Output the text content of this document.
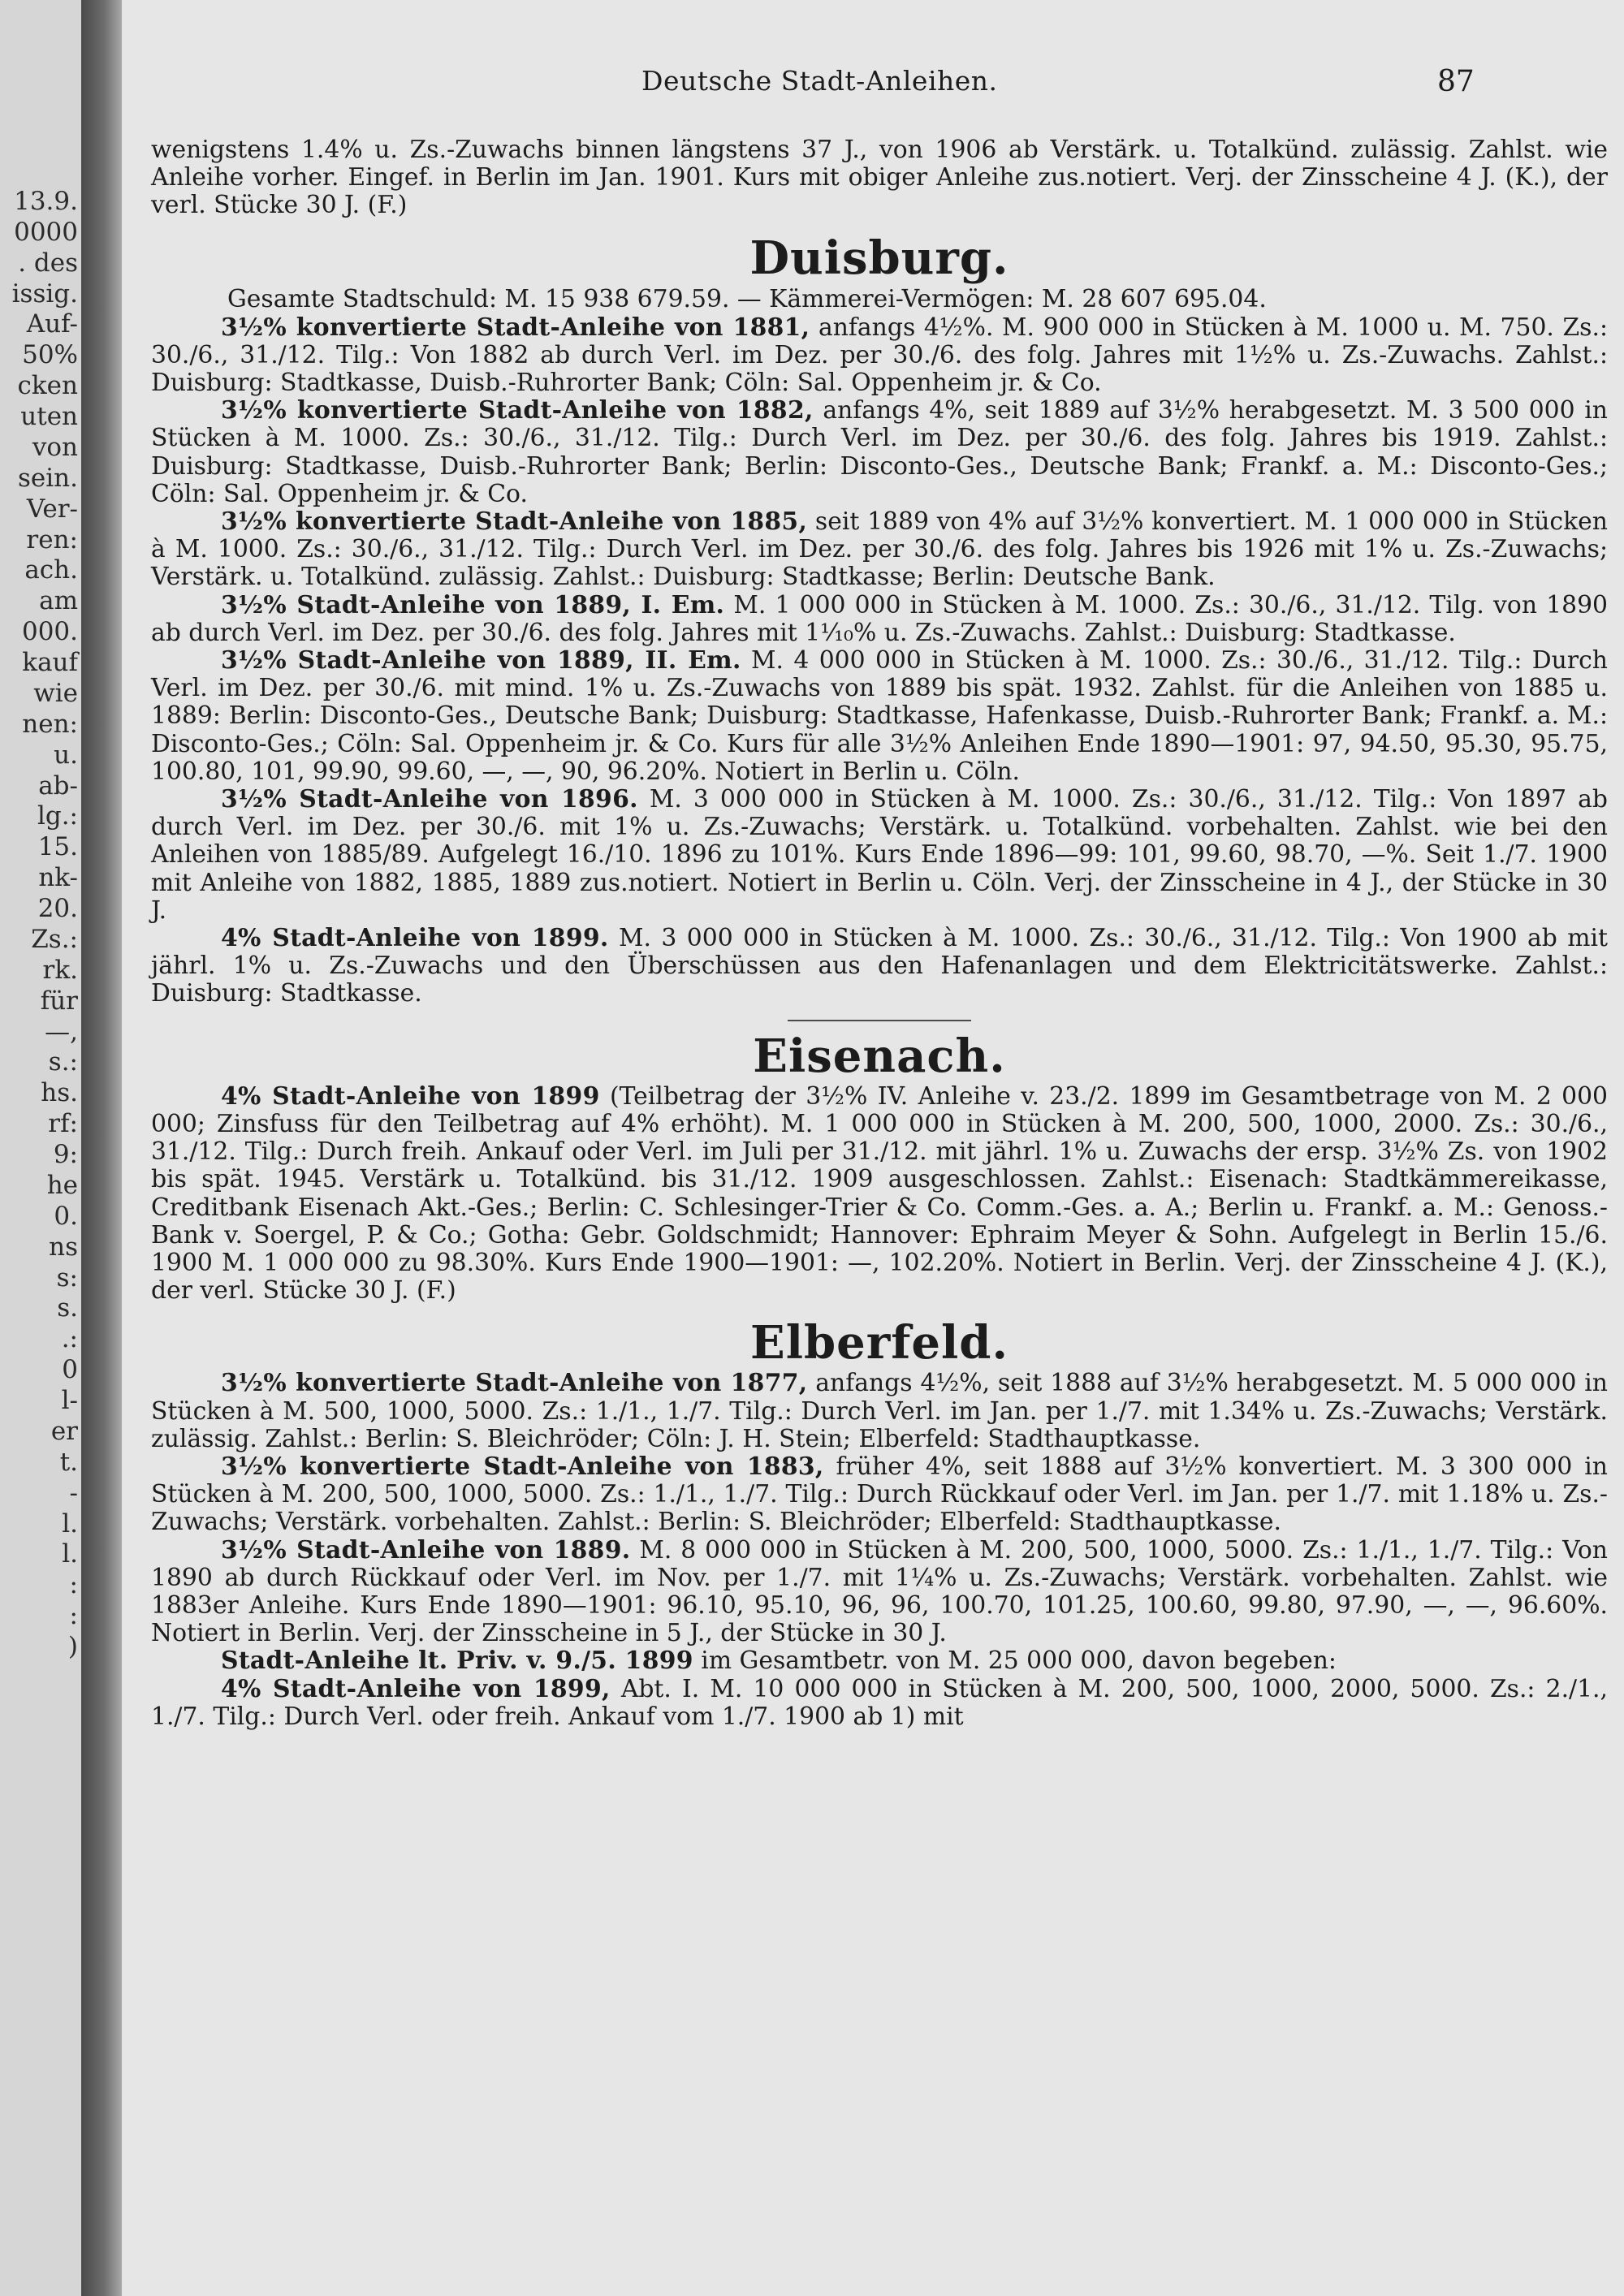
13.9.
0000
. des
issig.
Auf-
50%
cken
uten
von
sein.
Ver-
ren:
ach.
am
000.
kauf
wie
nen:
u.
ab-
lg.:
15.
nk-
20.
Zs.:
rk.
für
—,
s.:
hs.
rf:
9:
he
0.
ns
s:
s.
.:
0
l-
er
t.
-
l.
l.
:
:
)
Deutsche Stadt-Anleihen.	87

wenigstens 1.4% u. Zs.-Zuwachs binnen längstens 37 J., von 1906 ab Verstärk. u. Totalkünd. zulässig. Zahlst. wie Anleihe vorher. Eingef. in Berlin im Jan. 1901. Kurs mit obiger Anleihe zus.notiert. Verj. der Zinsscheine 4 J. (K.), der verl. Stücke 30 J. (F.)

Duisburg.

Gesamte Stadtschuld: M. 15 938 679.59. — Kämmerei-Vermögen: M. 28 607 695.04.

3½% konvertierte Stadt-Anleihe von 1881, anfangs 4½%. M. 900 000 in Stücken à M. 1000 u. M. 750. Zs.: 30./6., 31./12. Tilg.: Von 1882 ab durch Verl. im Dez. per 30./6. des folg. Jahres mit 1½% u. Zs.-Zuwachs. Zahlst.: Duisburg: Stadtkasse, Duisb.-Ruhrorter Bank; Cöln: Sal. Oppenheim jr. & Co.

3½% konvertierte Stadt-Anleihe von 1882, anfangs 4%, seit 1889 auf 3½% herabgesetzt. M. 3 500 000 in Stücken à M. 1000. Zs.: 30./6., 31./12. Tilg.: Durch Verl. im Dez. per 30./6. des folg. Jahres bis 1919. Zahlst.: Duisburg: Stadtkasse, Duisb.-Ruhrorter Bank; Berlin: Disconto-Ges., Deutsche Bank; Frankf. a. M.: Disconto-Ges.; Cöln: Sal. Oppenheim jr. & Co.

3½% konvertierte Stadt-Anleihe von 1885, seit 1889 von 4% auf 3½% konvertiert. M. 1 000 000 in Stücken à M. 1000. Zs.: 30./6., 31./12. Tilg.: Durch Verl. im Dez. per 30./6. des folg. Jahres bis 1926 mit 1% u. Zs.-Zuwachs; Verstärk. u. Totalkünd. zulässig. Zahlst.: Duisburg: Stadtkasse; Berlin: Deutsche Bank.

3½% Stadt-Anleihe von 1889, I. Em. M. 1 000 000 in Stücken à M. 1000. Zs.: 30./6., 31./12. Tilg. von 1890 ab durch Verl. im Dez. per 30./6. des folg. Jahres mit 1¹⁄₁₀% u. Zs.-Zuwachs. Zahlst.: Duisburg: Stadtkasse.

3½% Stadt-Anleihe von 1889, II. Em. M. 4 000 000 in Stücken à M. 1000. Zs.: 30./6., 31./12. Tilg.: Durch Verl. im Dez. per 30./6. mit mind. 1% u. Zs.-Zuwachs von 1889 bis spät. 1932. Zahlst. für die Anleihen von 1885 u. 1889: Berlin: Disconto-Ges., Deutsche Bank; Duisburg: Stadtkasse, Hafenkasse, Duisb.-Ruhrorter Bank; Frankf. a. M.: Disconto-Ges.; Cöln: Sal. Oppenheim jr. & Co. Kurs für alle 3½% Anleihen Ende 1890—1901: 97, 94.50, 95.30, 95.75, 100.80, 101, 99.90, 99.60, —, —, 90, 96.20%. Notiert in Berlin u. Cöln.

3½% Stadt-Anleihe von 1896. M. 3 000 000 in Stücken à M. 1000. Zs.: 30./6., 31./12. Tilg.: Von 1897 ab durch Verl. im Dez. per 30./6. mit 1% u. Zs.-Zuwachs; Verstärk. u. Totalkünd. vorbehalten. Zahlst. wie bei den Anleihen von 1885/89. Aufgelegt 16./10. 1896 zu 101%. Kurs Ende 1896—99: 101, 99.60, 98.70, —%. Seit 1./7. 1900 mit Anleihe von 1882, 1885, 1889 zus.notiert. Notiert in Berlin u. Cöln. Verj. der Zinsscheine in 4 J., der Stücke in 30 J.

4% Stadt-Anleihe von 1899. M. 3 000 000 in Stücken à M. 1000. Zs.: 30./6., 31./12. Tilg.: Von 1900 ab mit jährl. 1% u. Zs.-Zuwachs und den Überschüssen aus den Hafenanlagen und dem Elektricitätswerke. Zahlst.: Duisburg: Stadtkasse.

Eisenach.

4% Stadt-Anleihe von 1899 (Teilbetrag der 3½% IV. Anleihe v. 23./2. 1899 im Gesamtbetrage von M. 2 000 000; Zinsfuss für den Teilbetrag auf 4% erhöht). M. 1 000 000 in Stücken à M. 200, 500, 1000, 2000. Zs.: 30./6., 31./12. Tilg.: Durch freih. Ankauf oder Verl. im Juli per 31./12. mit jährl. 1% u. Zuwachs der ersp. 3½% Zs. von 1902 bis spät. 1945. Verstärk u. Totalkünd. bis 31./12. 1909 ausgeschlossen. Zahlst.: Eisenach: Stadtkämmereikasse, Creditbank Eisenach Akt.-Ges.; Berlin: C. Schlesinger-Trier & Co. Comm.-Ges. a. A.; Berlin u. Frankf. a. M.: Genoss.-Bank v. Soergel, P. & Co.; Gotha: Gebr. Goldschmidt; Hannover: Ephraim Meyer & Sohn. Aufgelegt in Berlin 15./6. 1900 M. 1 000 000 zu 98.30%. Kurs Ende 1900—1901: —, 102.20%. Notiert in Berlin. Verj. der Zinsscheine 4 J. (K.), der verl. Stücke 30 J. (F.)

Elberfeld.

3½% konvertierte Stadt-Anleihe von 1877, anfangs 4½%, seit 1888 auf 3½% herabgesetzt. M. 5 000 000 in Stücken à M. 500, 1000, 5000. Zs.: 1./1., 1./7. Tilg.: Durch Verl. im Jan. per 1./7. mit 1.34% u. Zs.-Zuwachs; Verstärk. zulässig. Zahlst.: Berlin: S. Bleichröder; Cöln: J. H. Stein; Elberfeld: Stadthauptkasse.

3½% konvertierte Stadt-Anleihe von 1883, früher 4%, seit 1888 auf 3½% konvertiert. M. 3 300 000 in Stücken à M. 200, 500, 1000, 5000. Zs.: 1./1., 1./7. Tilg.: Durch Rückkauf oder Verl. im Jan. per 1./7. mit 1.18% u. Zs.-Zuwachs; Verstärk. vorbehalten. Zahlst.: Berlin: S. Bleichröder; Elberfeld: Stadthauptkasse.

3½% Stadt-Anleihe von 1889. M. 8 000 000 in Stücken à M. 200, 500, 1000, 5000. Zs.: 1./1., 1./7. Tilg.: Von 1890 ab durch Rückkauf oder Verl. im Nov. per 1./7. mit 1¼% u. Zs.-Zuwachs; Verstärk. vorbehalten. Zahlst. wie 1883er Anleihe. Kurs Ende 1890—1901: 96.10, 95.10, 96, 96, 100.70, 101.25, 100.60, 99.80, 97.90, —, —, 96.60%. Notiert in Berlin. Verj. der Zinsscheine in 5 J., der Stücke in 30 J.

Stadt-Anleihe lt. Priv. v. 9./5. 1899 im Gesamtbetr. von M. 25 000 000, davon begeben:

4% Stadt-Anleihe von 1899, Abt. I. M. 10 000 000 in Stücken à M. 200, 500, 1000, 2000, 5000. Zs.: 2./1., 1./7. Tilg.: Durch Verl. oder freih. Ankauf vom 1./7. 1900 ab 1) mit
